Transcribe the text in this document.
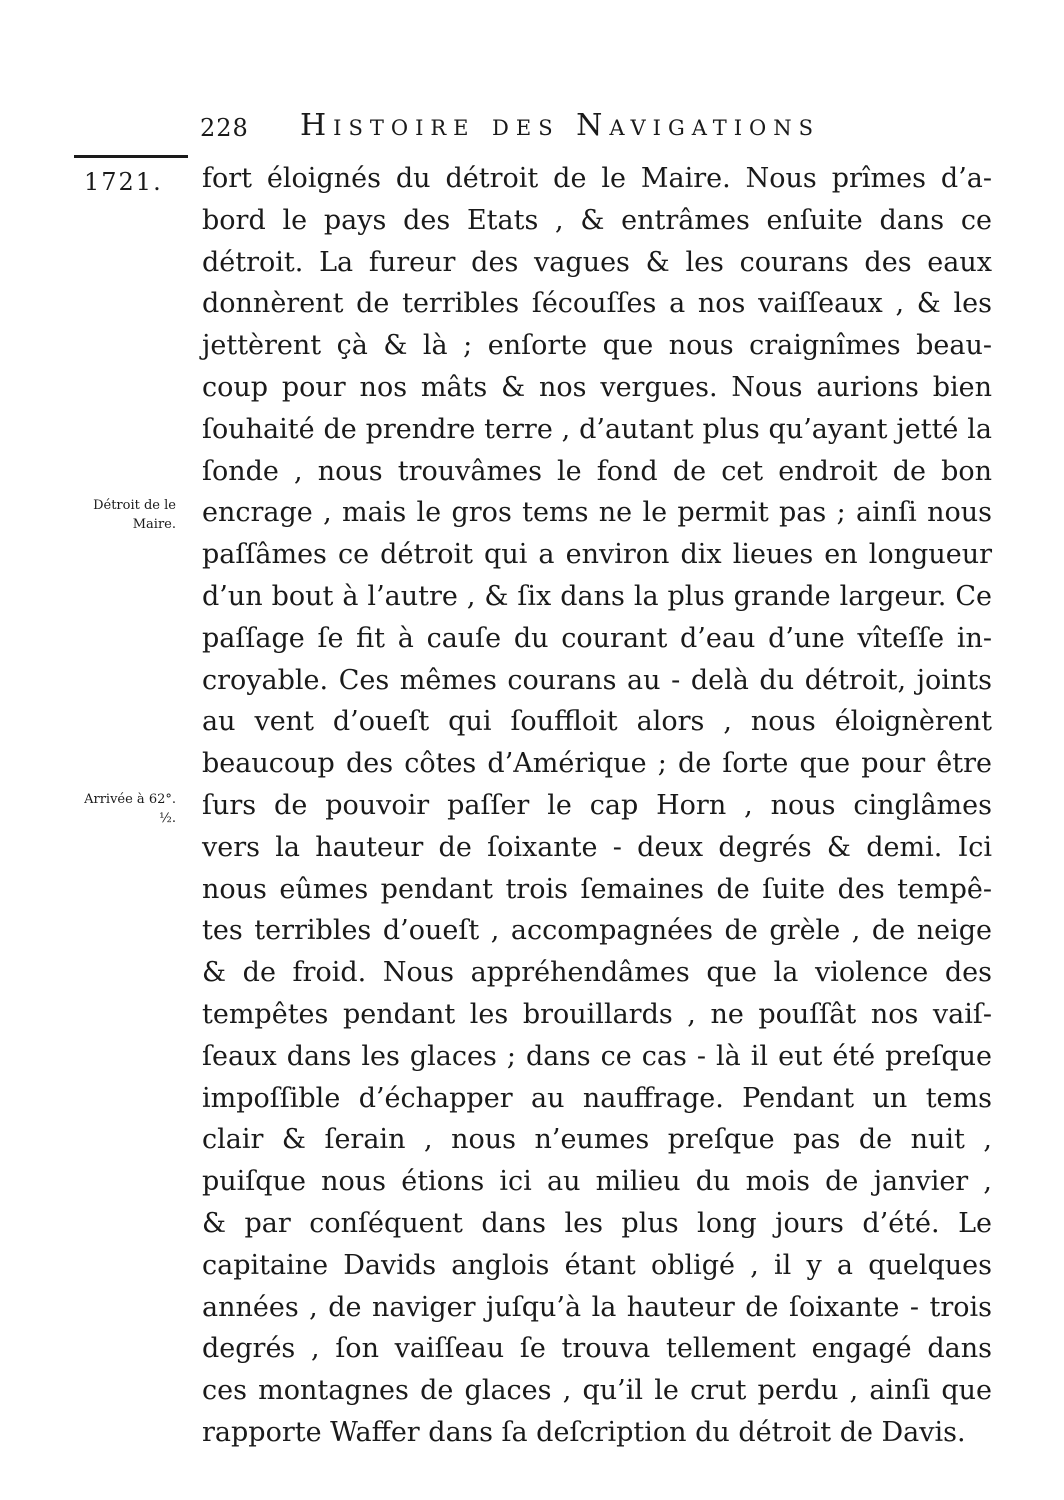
228 Histoire des Navigations
1721.
Détroit de le Maire.
Arrivée à 62°. ½.
fort éloignés du détroit de le Maire. Nous prîmes d’a-
bord le pays des Etats , & entrâmes enſuite dans ce
détroit. La fureur des vagues & les courans des eaux
donnèrent de terribles ſécouſſes a nos vaiſſeaux , & les
jettèrent çà & là ; enſorte que nous craignîmes beau-
coup pour nos mâts & nos vergues. Nous aurions bien
ſouhaité de prendre terre , d’autant plus qu’ayant jetté la
ſonde , nous trouvâmes le fond de cet endroit de bon
encrage , mais le gros tems ne le permit pas ; ainſi nous
paſſâmes ce détroit qui a environ dix lieues en longueur
d’un bout à l’autre , & ſix dans la plus grande largeur. Ce
paſſage ſe fit à cauſe du courant d’eau d’une vîteſſe in-
croyable. Ces mêmes courans au - delà du détroit, joints
au vent d’oueſt qui ſouffloit alors , nous éloignèrent
beaucoup des côtes d’Amérique ; de ſorte que pour être
ſurs de pouvoir paſſer le cap Horn , nous cinglâmes
vers la hauteur de ſoixante - deux degrés & demi. Ici
nous eûmes pendant trois ſemaines de ſuite des tempê-
tes terribles d’oueſt , accompagnées de grèle , de neige
& de froid. Nous appréhendâmes que la violence des
tempêtes pendant les brouillards , ne pouſſât nos vaiſ-
ſeaux dans les glaces ; dans ce cas - là il eut été preſque
impoſſible d’échapper au nauffrage. Pendant un tems
clair & ſerain , nous n’eumes preſque pas de nuit ,
puiſque nous étions ici au milieu du mois de janvier ,
& par conſéquent dans les plus long jours d’été. Le
capitaine Davids anglois étant obligé , il y a quelques
années , de naviger juſqu’à la hauteur de ſoixante - trois
degrés , ſon vaiſſeau ſe trouva tellement engagé dans
ces montagnes de glaces , qu’il le crut perdu , ainſi que
rapporte Waffer dans ſa deſcription du détroit de Davis.
